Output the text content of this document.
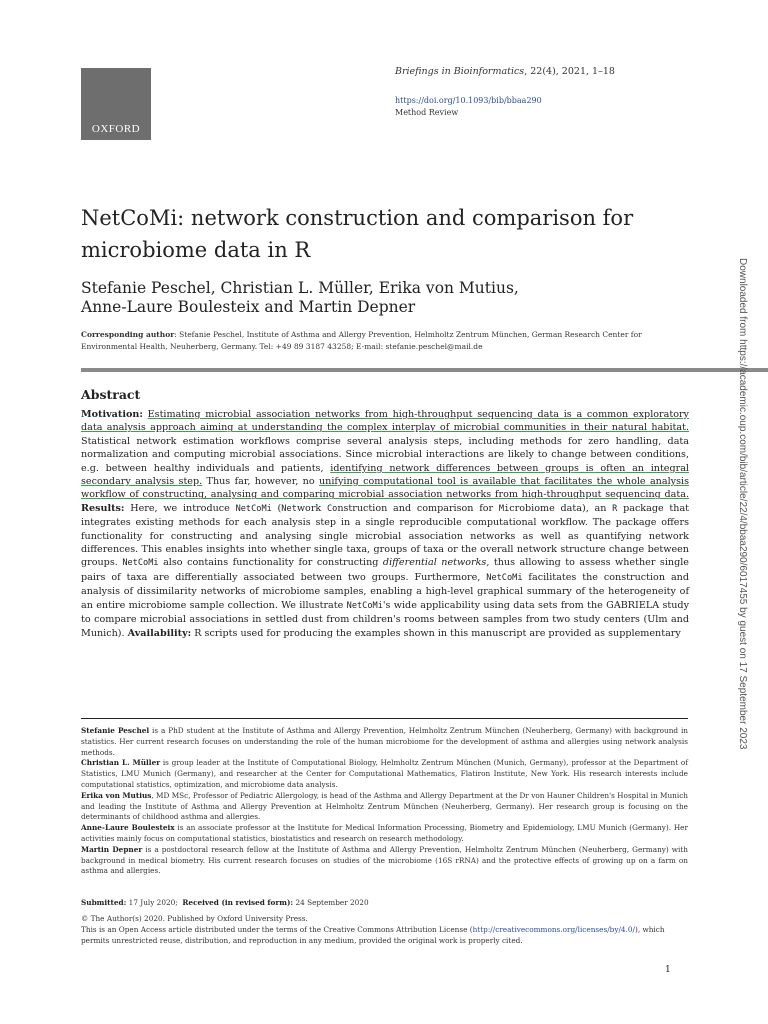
OXFORD
Briefings in Bioinformatics, 22(4), 2021, 1–18
https://doi.org/10.1093/bib/bbaa290
Method Review
NetCoMi: network construction and comparison for microbiome data in R
Stefanie Peschel, Christian L. Müller, Erika von Mutius,
Anne-Laure Boulesteix and Martin Depner
Corresponding author: Stefanie Peschel, Institute of Asthma and Allergy Prevention, Helmholtz Zentrum München, German Research Center for Environmental Health, Neuherberg, Germany. Tel: +49 89 3187 43258; E-mail: stefanie.peschel@mail.de
Abstract
Motivation: Estimating microbial association networks from high-throughput sequencing data is a common exploratory data analysis approach aiming at understanding the complex interplay of microbial communities in their natural habitat. Statistical network estimation workflows comprise several analysis steps, including methods for zero handling, data normalization and computing microbial associations. Since microbial interactions are likely to change between conditions, e.g. between healthy individuals and patients, identifying network differences between groups is often an integral secondary analysis step. Thus far, however, no unifying computational tool is available that facilitates the whole analysis workflow of constructing, analysing and comparing microbial association networks from high-throughput sequencing data. Results: Here, we introduce NetCoMi (Network Construction and comparison for Microbiome data), an R package that integrates existing methods for each analysis step in a single reproducible computational workflow. The package offers functionality for constructing and analysing single microbial association networks as well as quantifying network differences. This enables insights into whether single taxa, groups of taxa or the overall network structure change between groups. NetCoMi also contains functionality for constructing differential networks, thus allowing to assess whether single pairs of taxa are differentially associated between two groups. Furthermore, NetCoMi facilitates the construction and analysis of dissimilarity networks of microbiome samples, enabling a high-level graphical summary of the heterogeneity of an entire microbiome sample collection. We illustrate NetCoMi's wide applicability using data sets from the GABRIELA study to compare microbial associations in settled dust from children's rooms between samples from two study centers (Ulm and Munich). Availability: R scripts used for producing the examples shown in this manuscript are provided as supplementary

Stefanie Peschel is a PhD student at the Institute of Asthma and Allergy Prevention, Helmholtz Zentrum München (Neuherberg, Germany) with background in statistics. Her current research focuses on understanding the role of the human microbiome for the development of asthma and allergies using network analysis methods.

Christian L. Müller is group leader at the Institute of Computational Biology, Helmholtz Zentrum München (Munich, Germany), professor at the Department of Statistics, LMU Munich (Germany), and researcher at the Center for Computational Mathematics, Flatiron Institute, New York. His research interests include computational statistics, optimization, and microbiome data analysis.

Erika von Mutius, MD MSc, Professor of Pediatric Allergology, is head of the Asthma and Allergy Department at the Dr von Hauner Children's Hospital in Munich and leading the Institute of Asthma and Allergy Prevention at Helmholtz Zentrum München (Neuherberg, Germany). Her research group is focusing on the determinants of childhood asthma and allergies.

Anne-Laure Boulesteix is an associate professor at the Institute for Medical Information Processing, Biometry and Epidemiology, LMU Munich (Germany). Her activities mainly focus on computational statistics, biostatistics and research on research methodology.

Martin Depner is a postdoctoral research fellow at the Institute of Asthma and Allergy Prevention, Helmholtz Zentrum München (Neuherberg, Germany) with background in medical biometry. His current research focuses on studies of the microbiome (16S rRNA) and the protective effects of growing up on a farm on asthma and allergies.

Submitted: 17 July 2020; Received (in revised form): 24 September 2020
© The Author(s) 2020. Published by Oxford University Press.
This is an Open Access article distributed under the terms of the Creative Commons Attribution License (http://creativecommons.org/licenses/by/4.0/), which permits unrestricted reuse, distribution, and reproduction in any medium, provided the original work is properly cited.
1
Downloaded from https://academic.oup.com/bib/article/22/4/bbaa290/6017455 by guest on 17 September 2023
